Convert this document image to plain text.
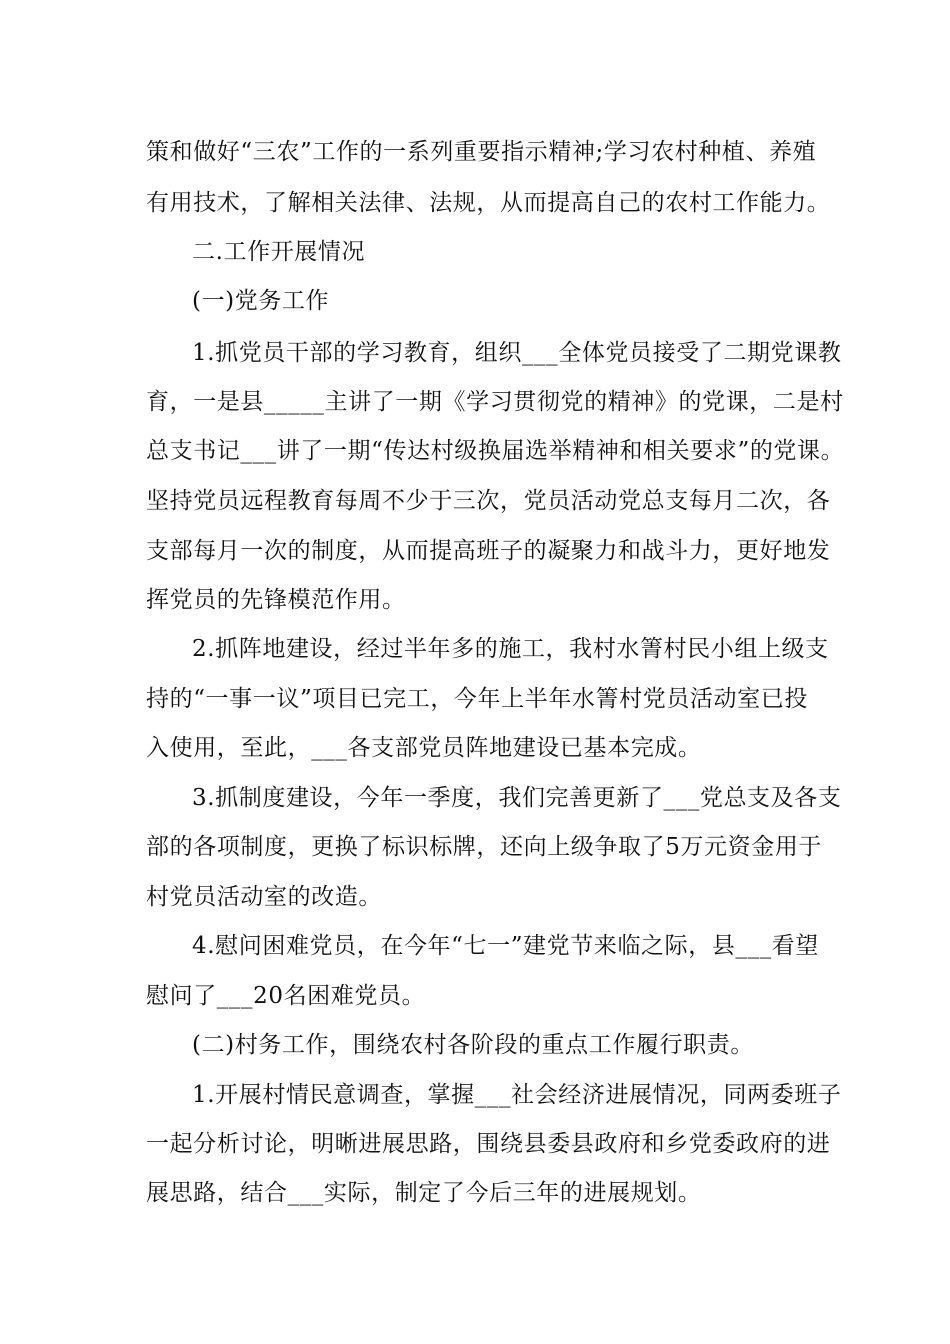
策和做好“三农”工作的一系列重要指示精神;学习农村种植、养殖
有用技术，了解相关法律、法规，从而提高自己的农村工作能力。
二.工作开展情况
(一)党务工作
1.抓党员干部的学习教育，组织___全体党员接受了二期党课教
育，一是县_____主讲了一期《学习贯彻党的精神》的党课，二是村
总支书记___讲了一期“传达村级换届选举精神和相关要求”的党课。
坚持党员远程教育每周不少于三次，党员活动党总支每月二次，各
支部每月一次的制度，从而提高班子的凝聚力和战斗力，更好地发
挥党员的先锋模范作用。
2.抓阵地建设，经过半年多的施工，我村水箐村民小组上级支
持的“一事一议”项目已完工，今年上半年水箐村党员活动室已投
入使用，至此，___各支部党员阵地建设已基本完成。
3.抓制度建设，今年一季度，我们完善更新了___党总支及各支
部的各项制度，更换了标识标牌，还向上级争取了5万元资金用于
村党员活动室的改造。
4.慰问困难党员，在今年“七一”建党节来临之际，县___看望
慰问了___20名困难党员。
(二)村务工作，围绕农村各阶段的重点工作履行职责。
1.开展村情民意调查，掌握___社会经济进展情况，同两委班子
一起分析讨论，明晰进展思路，围绕县委县政府和乡党委政府的进
展思路，结合___实际，制定了今后三年的进展规划。
